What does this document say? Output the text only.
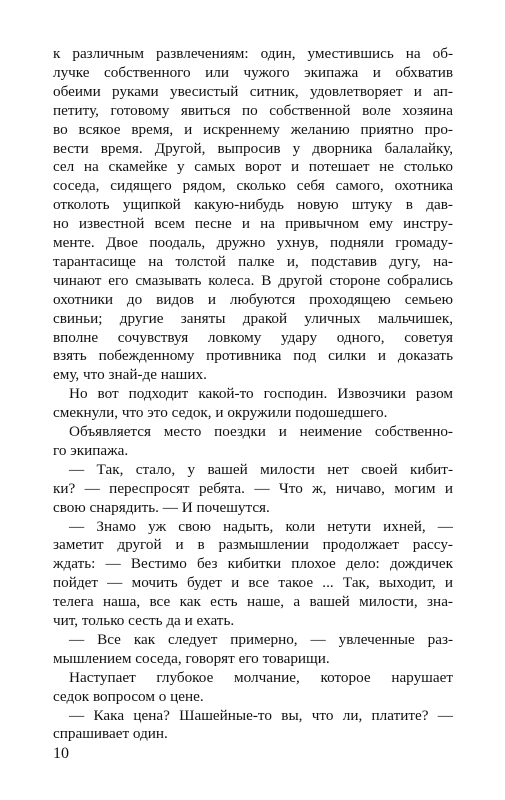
к различным развлечениям: один, уместившись на об-
лучке собственного или чужого экипажа и обхватив
обеими руками увесистый ситник, удовлетворяет и ап-
петиту, готовому явиться по собственной воле хозяина
во всякое время, и искреннему желанию приятно про-
вести время. Другой, выпросив у дворника балалайку,
сел на скамейке у самых ворот и потешает не столько
соседа, сидящего рядом, сколько себя самого, охотника
отколоть ущипкой какую-нибудь новую штуку в дав-
но известной всем песне и на привычном ему инстру-
менте. Двое поодаль, дружно ухнув, подняли громаду-
тарантасище на толстой палке и, подставив дугу, на-
чинают его смазывать колеса. В другой стороне собрались
охотники до видов и любуются проходящею семьею
свиньи; другие заняты дракой уличных мальчишек,
вполне сочувствуя ловкому удару одного, советуя
взять побежденному противника под силки и доказать
ему, что знай-де наших.
Но вот подходит какой-то господин. Извозчики разом
смекнули, что это седок, и окружили подошедшего.
Объявляется место поездки и неимение собственно-
го экипажа.
— Так, стало, у вашей милости нет своей кибит-
ки? — переспросят ребята. — Что ж, ничаво, могим и
свою снарядить. — И почешутся.
— Знамо уж свою надыть, коли нетути ихней, —
заметит другой и в размышлении продолжает рассу-
ждать: — Вестимо без кибитки плохое дело: дождичек
пойдет — мочить будет и все такое ... Так, выходит, и
телега наша, все как есть наше, а вашей милости, зна-
чит, только сесть да и ехать.
— Все как следует примерно, — увлеченные раз-
мышлением соседа, говорят его товарищи.
Наступает глубокое молчание, которое нарушает
седок вопросом о цене.
— Кака цена? Шашейные-то вы, что ли, платите? —
спрашивает один.
10
